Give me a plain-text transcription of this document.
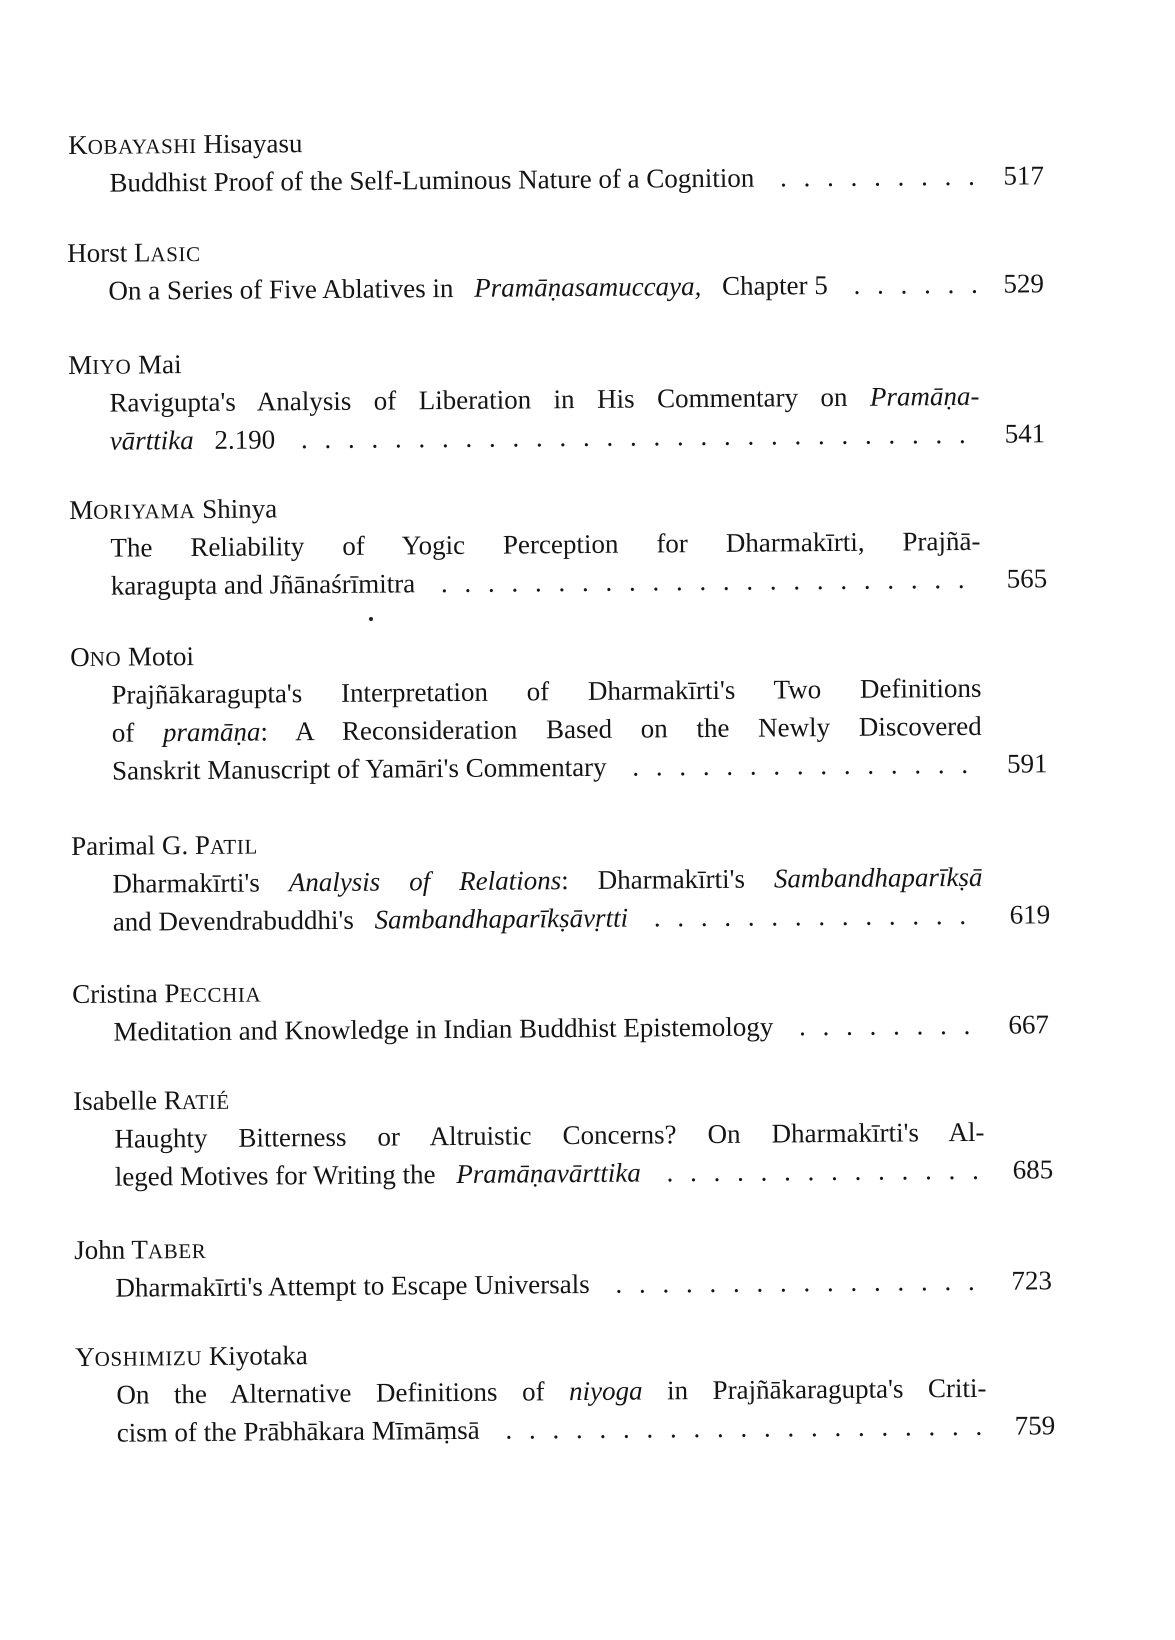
KOBAYASHI Hisayasu
Buddhist Proof of the Self-Luminous Nature of a Cognition . . .	517
Horst LASIC
On a Series of Five Ablatives in Pramāṇasamuccaya, Chapter 5 . . .	529
MIYO Mai
Ravigupta's Analysis of Liberation in His Commentary on Pramāṇa-
vārttika 2.190 . . .	541
MORIYAMA Shinya
The Reliability of Yogic Perception for Dharmakīrti, Prajñā-
karagupta and Jñānaśrīmitra . . .	565
ONO Motoi
Prajñākaragupta's Interpretation of Dharmakīrti's Two Definitions
of pramāṇa: A Reconsideration Based on the Newly Discovered
Sanskrit Manuscript of Yamāri's Commentary . . .	591
Parimal G. PATIL
Dharmakīrti's Analysis of Relations: Dharmakīrti's Sambandhaparīkṣā
and Devendrabuddhi's Sambandhaparīkṣāvṛtti . . .	619
Cristina PECCHIA
Meditation and Knowledge in Indian Buddhist Epistemology . . .	667
Isabelle RATIÉ
Haughty Bitterness or Altruistic Concerns? On Dharmakīrti's Al-
leged Motives for Writing the Pramāṇavārttika . . .	685
John TABER
Dharmakīrti's Attempt to Escape Universals . . .	723
YOSHIMIZU Kiyotaka
On the Alternative Definitions of niyoga in Prajñākaragupta's Criti-
cism of the Prābhākara Mīmāṃsā . . .	759
